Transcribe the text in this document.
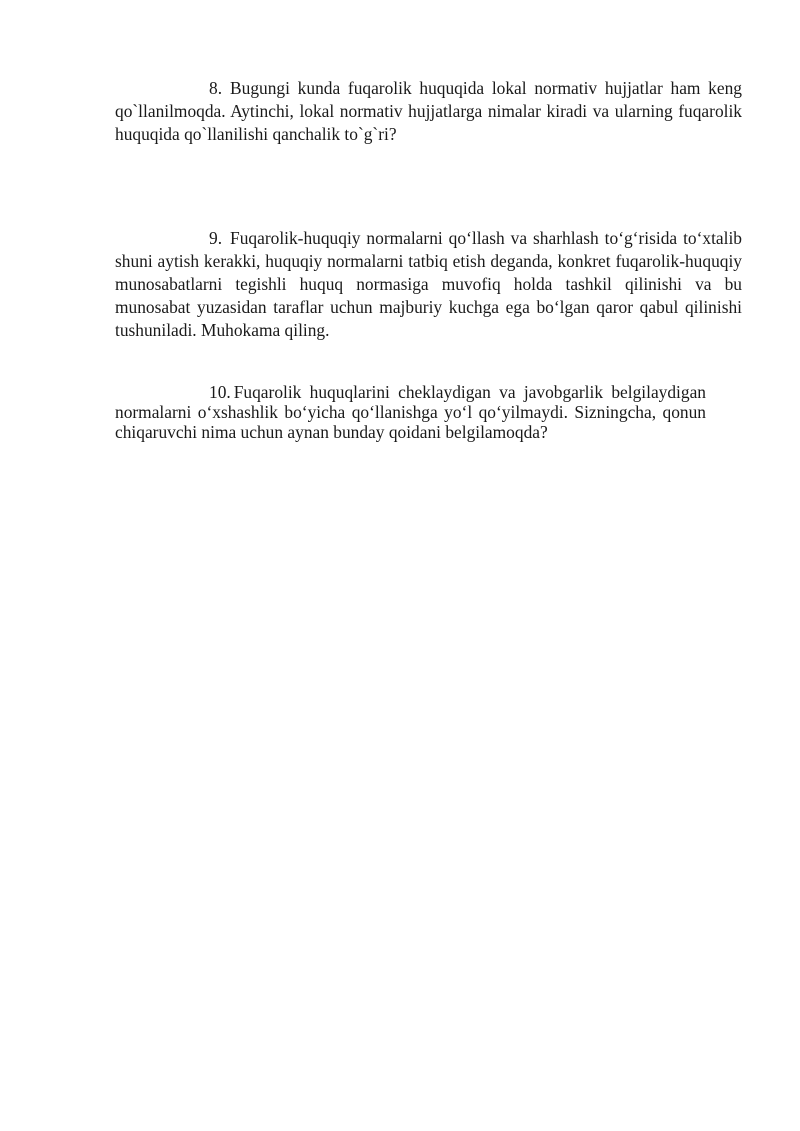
8. Bugungi kunda fuqarolik huquqida lokal normativ hujjatlar ham keng qo`llanilmoqda. Aytinchi, lokal normativ hujjatlarga nimalar kiradi va ularning fuqarolik huquqida qo`llanilishi qanchalik to`g`ri?

9. Fuqarolik-huquqiy normalarni qo‘llash va sharhlash to‘g‘risida to‘xtalib shuni aytish kerakki, huquqiy normalarni tatbiq etish deganda, konkret fuqarolik-huquqiy munosabatlarni tegishli huquq normasiga muvofiq holda tashkil qilinishi va bu munosabat yuzasidan taraflar uchun majburiy kuchga ega bo‘lgan qaror qabul qilinishi tushuniladi. Muhokama qiling.

10. Fuqarolik huquqlarini cheklaydigan va javobgarlik belgilaydigan normalarni o‘xshashlik bo‘yicha qo‘llanishga yo‘l qo‘yilmaydi. Sizningcha, qonun chiqaruvchi nima uchun aynan bunday qoidani belgilamoqda?
